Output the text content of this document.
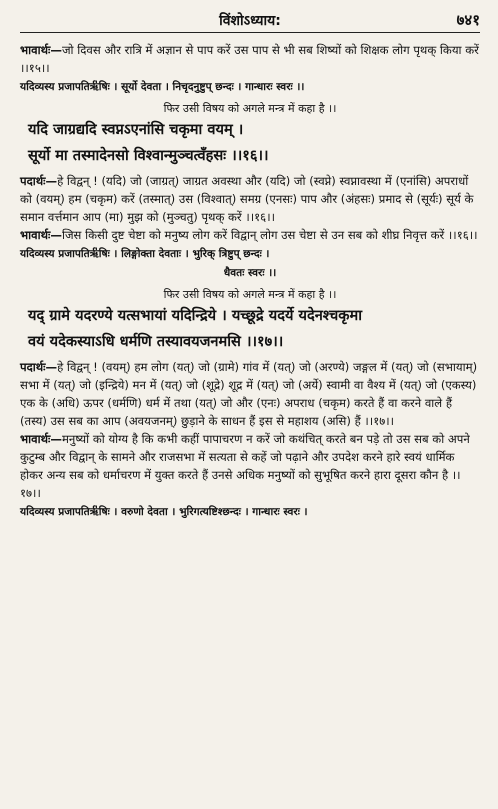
विंशोऽध्याय:	७४१

भावार्थः—जो दिवस और रात्रि में अज्ञान से पाप करें उस पाप से भी सब शिष्यों को शिक्षक लोग पृथक् किया करें ।।१५।।

यदिव्यस्य प्रजापतिर्ऋ॑षिः । सूर्यो देवता । निचृदनुष्टुप् छन्दः । गान्धारः स्वरः ।।

फिर उसी विषय को अगले मन्त्र में कहा है ।।

यदि जाग्रद्यदि स्वप्नऽएनांसि चकृमा वयम् ।

सूर्यो मा तस्मादेनसो विश्वान्मुञ्चत्वँहसः ।।१६।।

पदार्थः—हे विद्वन् ! (यदि) जो (जाग्रत्) जाग्रत अवस्था और (यदि) जो (स्वप्ने) स्वप्नावस्था में (एनांसि) अपराधों को (वयम्) हम (चकृम) करें (तस्मात्) उस (विश्वात्) समग्र (एनसः) पाप और (अंहसः) प्रमाद से (सूर्यः) सूर्य के समान वर्त्तमान आप (मा) मुझ को (मुञ्चतु) पृथक् करें ।।१६।।

भावार्थः—जिस किसी दुष्ट चेष्टा को मनुष्य लोग करें विद्वान् लोग उस चेष्टा से उन सब को शीघ्र निवृत्त करें ।।१६।।

यदिव्यस्य प्रजापतिर्ऋ॑षिः । लिङ्गोक्ता देवताः । भुरिक् त्रिष्टुप् छन्दः ।

धैवतः स्वरः ।।

फिर उसी विषय को अगले मन्त्र में कहा है ।।

यद् ग्रामे यदरण्ये यत्सभायां यदिन्द्रिये । यच्छूद्रे यदर्ये यदेनश्चकृमा

वयं यदेकस्याऽधि धर्मणि तस्यावयजनमसि ।।१७।।

पदार्थः—हे विद्वन् ! (वयम्) हम लोग (यत्) जो (ग्रामे) गांव में (यत्) जो (अरण्ये) जङ्गल में (यत्) जो (सभायाम्) सभा में (यत्) जो (इन्द्रिये) मन में (यत्) जो (शूद्रे) शूद्र में (यत्) जो (अर्ये) स्वामी वा वैश्य में (यत्) जो (एकस्य) एक के (अधि) ऊपर (धर्मणि) धर्म में तथा (यत्) जो और (एनः) अपराध (चकृम) करते हैं वा करने वाले हैं (तस्य) उस सब का आप (अवयजनम्) छुड़ाने के साधन हैं इस से महाशय (असि) हैं ।।१७।।

भावार्थः—मनुष्यों को योग्य है कि कभी कहीं पापाचरण न करें जो कथंचित् करते बन पड़े तो उस सब को अपने कुटुम्ब और विद्वान् के सामने और राजसभा में सत्यता से कहें जो पढ़ाने और उपदेश करने हारे स्वयं धार्मिक होकर अन्य सब को धर्माचरण में युक्त करते हैं उनसे अधिक मनुष्यों को सुभूषित करने हारा दूसरा कौन है ।।१७।।

यदिव्यस्य प्रजापतिर्ऋ॑षिः । वरुणो देवता । भुरिगत्यष्टिश्छन्दः । गान्धारः स्वरः ।
